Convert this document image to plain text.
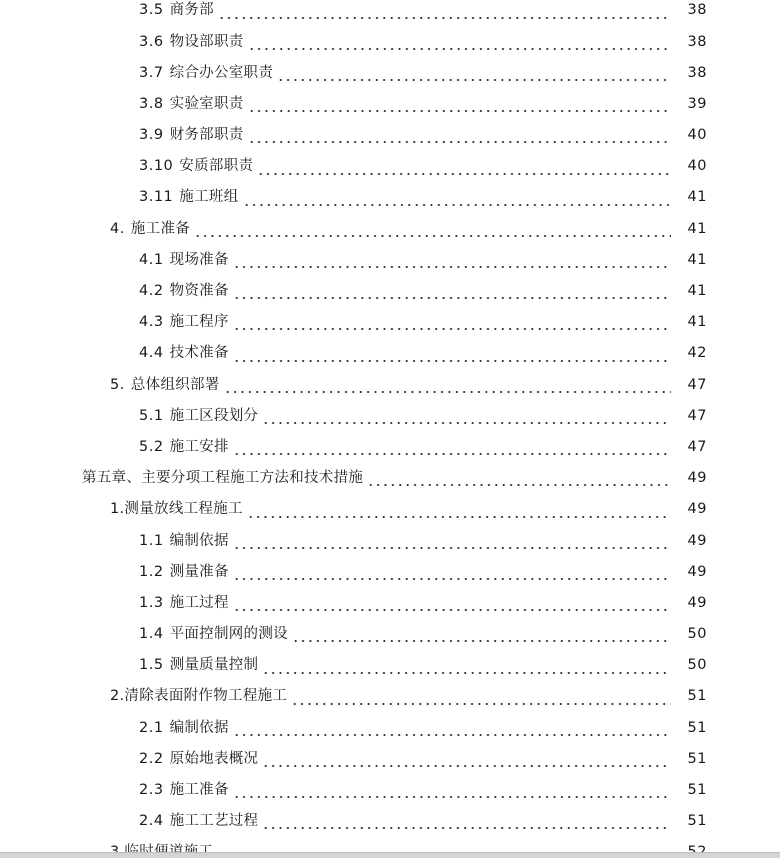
3.5 商务部	38
3.6 物设部职责	38
3.7 综合办公室职责	38
3.8 实验室职责	39
3.9 财务部职责	40
3.10 安质部职责	40
3.11 施工班组	41
4. 施工准备	41
4.1 现场准备	41
4.2 物资准备	41
4.3 施工程序	41
4.4 技术准备	42
5. 总体组织部署	47
5.1 施工区段划分	47
5.2 施工安排	47
第五章、主要分项工程施工方法和技术措施	49
1.测量放线工程施工	49
1.1 编制依据	49
1.2 测量准备	49
1.3 施工过程	49
1.4 平面控制网的测设	50
1.5 测量质量控制	50
2.清除表面附作物工程施工	51
2.1 编制依据	51
2.2 原始地表概况	51
2.3 施工准备	51
2.4 施工工艺过程	51
